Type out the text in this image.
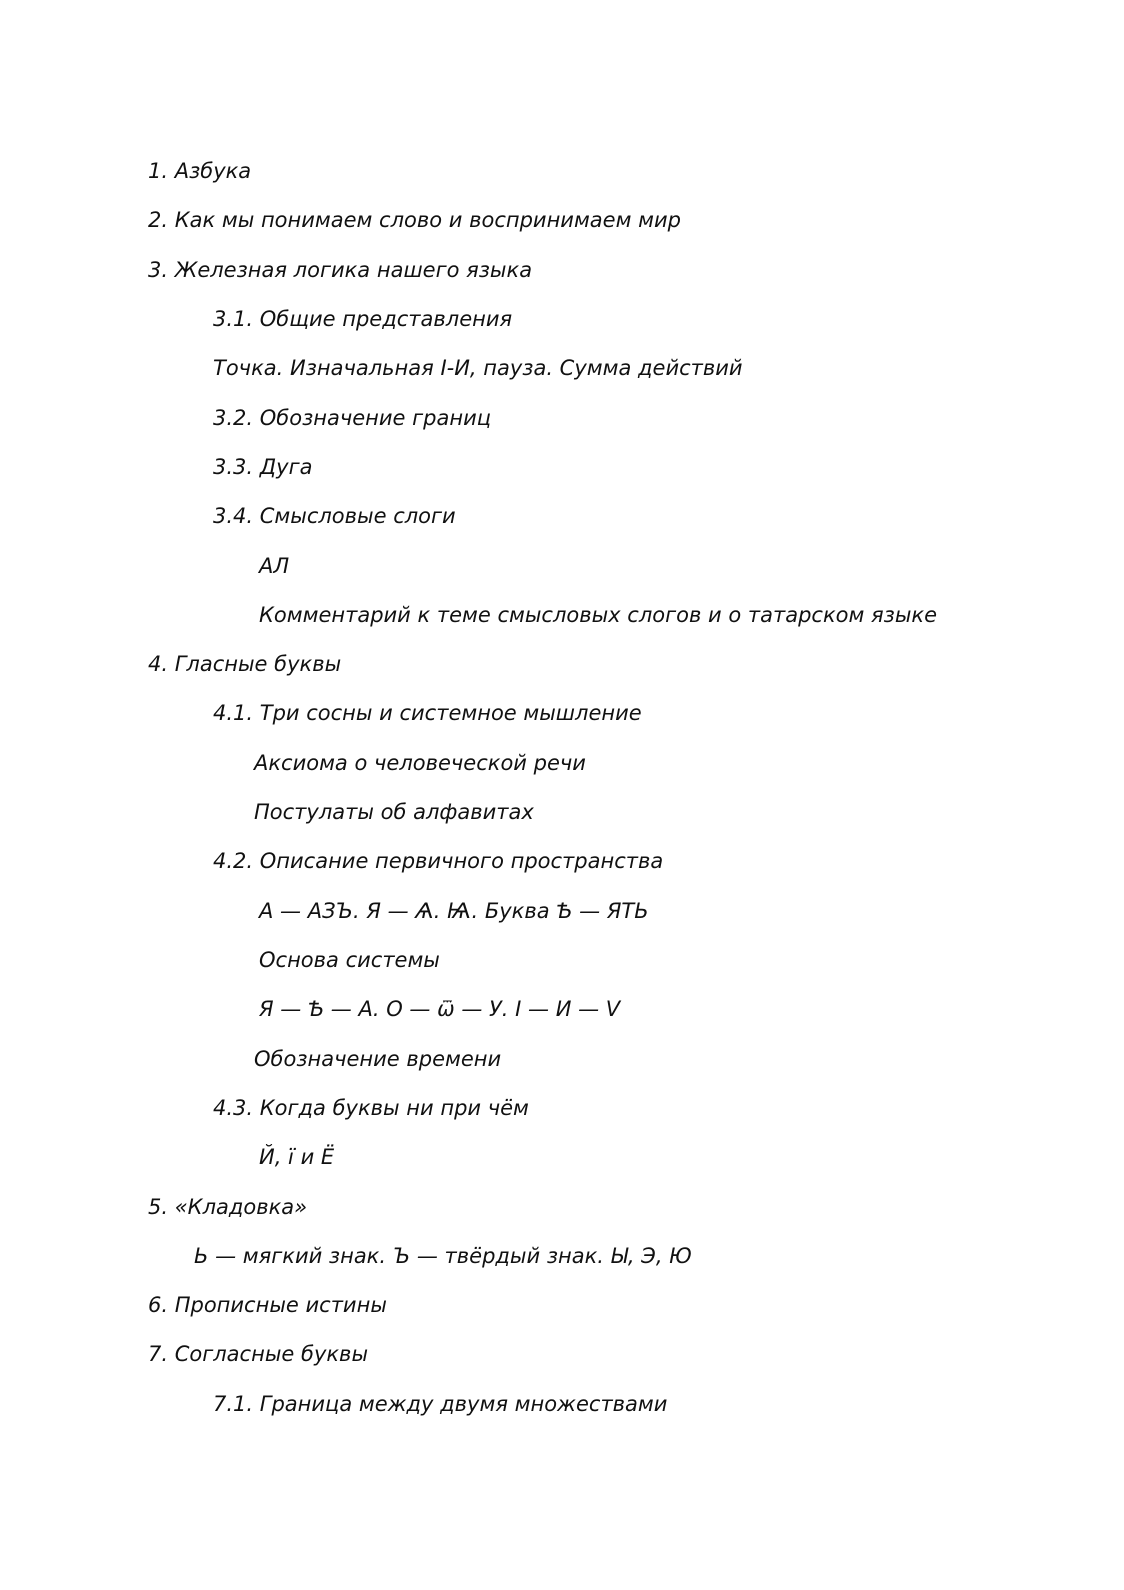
1. Азбука
2. Как мы понимаем слово и воспринимаем мир
3. Железная логика нашего языка
3.1. Общие представления
Точка. Изначальная I-И, пауза. Сумма действий
3.2. Обозначение границ
3.3. Дуга
3.4. Смысловые слоги
АЛ
Комментарий к теме смысловых слогов и о татарском языке
4. Гласные буквы
4.1. Три сосны и системное мышление
Аксиома о человеческой речи
Постулаты об алфавитах
4.2. Описание первичного пространства
А — АЗЪ. Я — Ѧ. Ѩ. Буква Ѣ — ЯТЬ
Основа системы
Я — Ѣ — А. О — ѿ — У. I — И — V
Обозначение времени
4.3. Когда буквы ни при чём
Й, ї и Ё
5. «Кладовка»
Ь — мягкий знак. Ъ — твёрдый знак. Ы, Э, Ю
6. Прописные истины
7. Согласные буквы
7.1. Граница между двумя множествами
